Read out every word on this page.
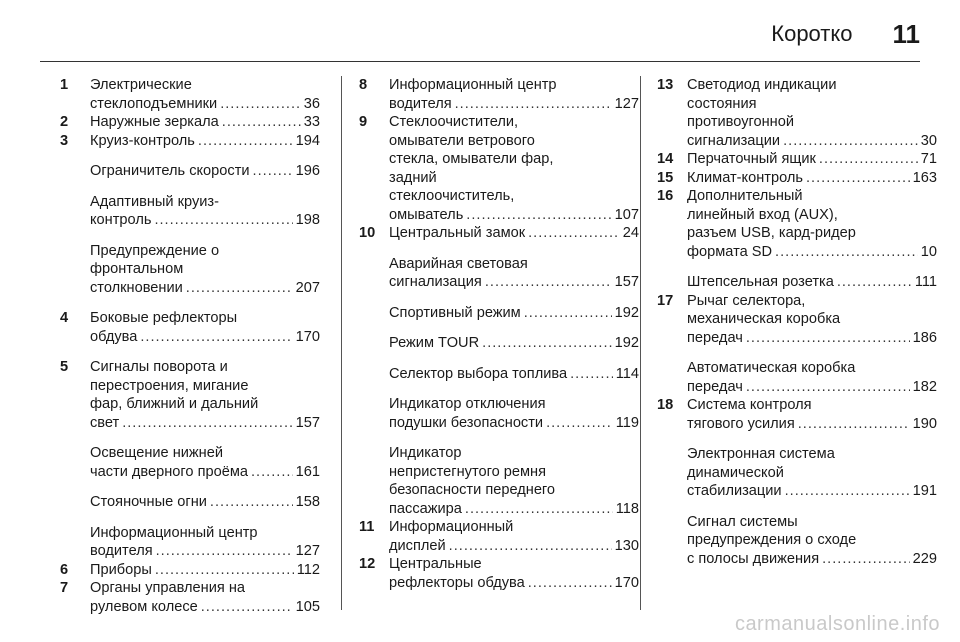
Коротко 11
1	Электрические
стеклоподъемники .....	36
2	Наружные зеркала .....	33
3	Круиз-контроль .....	194
Ограничитель скорости .....	196
Адаптивный круиз-
контроль .....	198
Предупреждение о
фронтальном
столкновении .....	207
4	Боковые рефлекторы
обдува .....	170
5	Сигналы поворота и
перестроения, мигание
фар, ближний и дальний
свет .....	157
Освещение нижней
части дверного проёма .....	161
Стояночные огни .....	158
Информационный центр
водителя .....	127
6	Приборы .....	112
7	Органы управления на
рулевом колесе .....	105
8	Информационный центр
водителя .....	127
9	Стеклоочистители,
омыватели ветрового
стекла, омыватели фар,
задний
стеклоочиститель,
омыватель .....	107
10 Центральный замок .....	24
Аварийная световая
сигнализация .....	157
Спортивный режим .....	192
Режим TOUR .....	192
Селектор выбора топлива .....	114
Индикатор отключения
подушки безопасности .....	119
Индикатор
непристегнутого ремня
безопасности переднего
пассажира .....	118
11 Информационный
дисплей .....	130
12 Центральные
рефлекторы обдува .....	170
13 Светодиод индикации
состояния
противоугонной
сигнализации .....	30
14 Перчаточный ящик .....	71
15 Климат-контроль .....	163
16 Дополнительный
линейный вход (AUX),
разъем USB, кард-ридер
формата SD .....	10
Штепсельная розетка .....	111
17 Рычаг селектора,
механическая коробка
передач .....	186
Автоматическая коробка
передач .....	182
18 Система контроля
тягового усилия .....	190
Электронная система
динамической
стабилизации .....	191
Сигнал системы
предупреждения о сходе
с полосы движения .....	229
carmanualsonline.info
